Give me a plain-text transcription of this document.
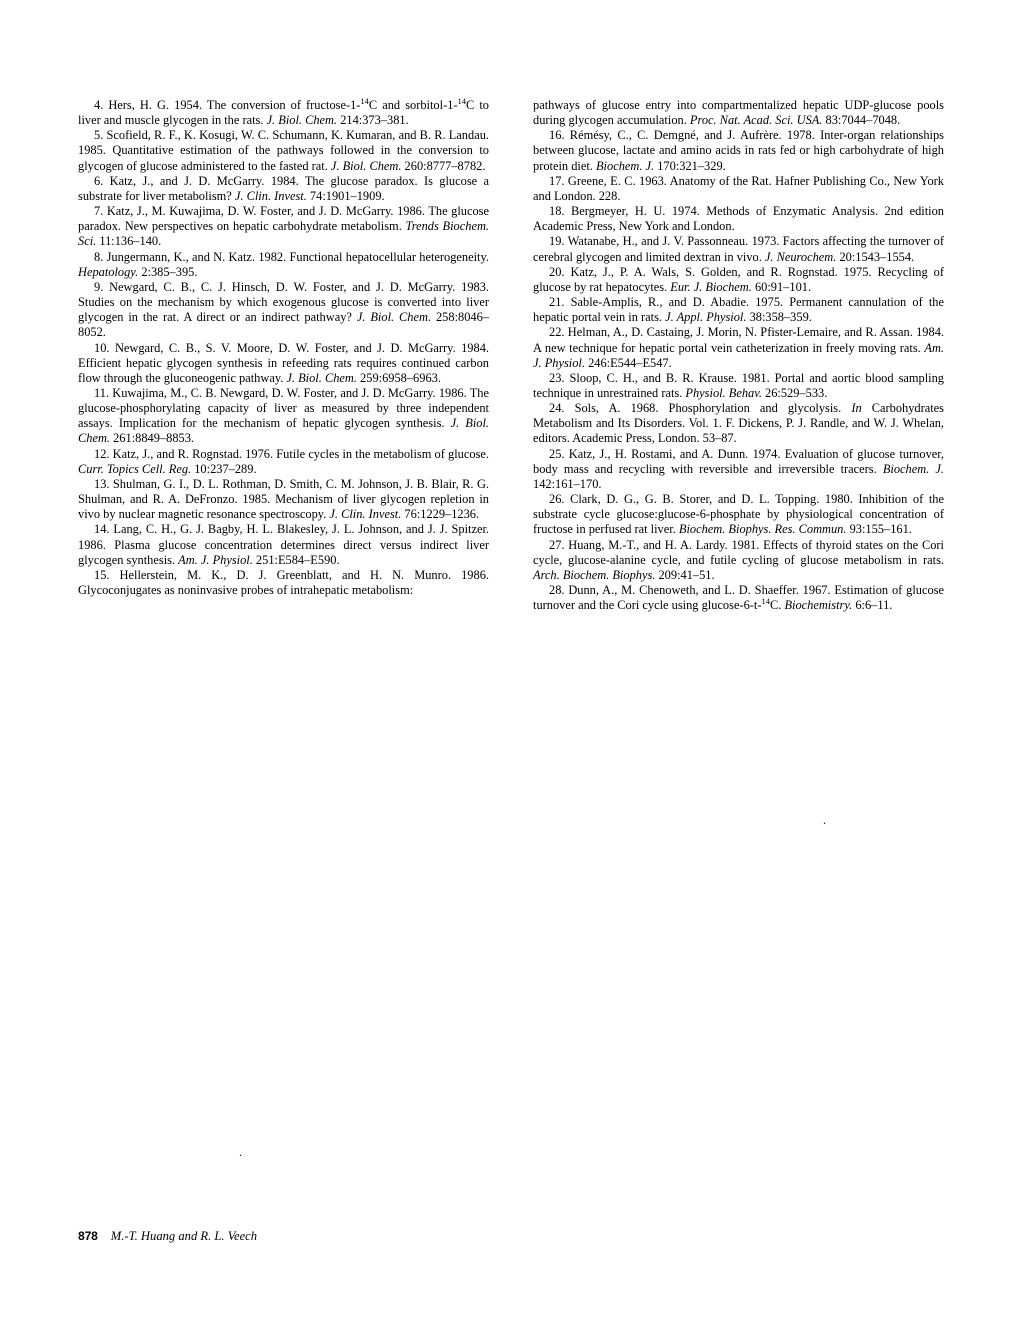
4. Hers, H. G. 1954. The conversion of fructose-1-$^{14}$C and sorbitol-1-$^{14}$C to liver and muscle glycogen in the rats. J. Biol. Chem. 214:373–381.

5. Scofield, R. F., K. Kosugi, W. C. Schumann, K. Kumaran, and B. R. Landau. 1985. Quantitative estimation of the pathways followed in the conversion to glycogen of glucose administered to the fasted rat. J. Biol. Chem. 260:8777–8782.

6. Katz, J., and J. D. McGarry. 1984. The glucose paradox. Is glucose a substrate for liver metabolism? J. Clin. Invest. 74:1901–1909.

7. Katz, J., M. Kuwajima, D. W. Foster, and J. D. McGarry. 1986. The glucose paradox. New perspectives on hepatic carbohydrate metabolism. Trends Biochem. Sci. 11:136–140.

8. Jungermann, K., and N. Katz. 1982. Functional hepatocellular heterogeneity. Hepatology. 2:385–395.

9. Newgard, C. B., C. J. Hinsch, D. W. Foster, and J. D. McGarry. 1983. Studies on the mechanism by which exogenous glucose is converted into liver glycogen in the rat. A direct or an indirect pathway? J. Biol. Chem. 258:8046–8052.

10. Newgard, C. B., S. V. Moore, D. W. Foster, and J. D. McGarry. 1984. Efficient hepatic glycogen synthesis in refeeding rats requires continued carbon flow through the gluconeogenic pathway. J. Biol. Chem. 259:6958–6963.

11. Kuwajima, M., C. B. Newgard, D. W. Foster, and J. D. McGarry. 1986. The glucose-phosphorylating capacity of liver as measured by three independent assays. Implication for the mechanism of hepatic glycogen synthesis. J. Biol. Chem. 261:8849–8853.

12. Katz, J., and R. Rognstad. 1976. Futile cycles in the metabolism of glucose. Curr. Topics Cell. Reg. 10:237–289.

13. Shulman, G. I., D. L. Rothman, D. Smith, C. M. Johnson, J. B. Blair, R. G. Shulman, and R. A. DeFronzo. 1985. Mechanism of liver glycogen repletion in vivo by nuclear magnetic resonance spectroscopy. J. Clin. Invest. 76:1229–1236.

14. Lang, C. H., G. J. Bagby, H. L. Blakesley, J. L. Johnson, and J. J. Spitzer. 1986. Plasma glucose concentration determines direct versus indirect liver glycogen synthesis. Am. J. Physiol. 251:E584–E590.

15. Hellerstein, M. K., D. J. Greenblatt, and H. N. Munro. 1986. Glycoconjugates as noninvasive probes of intrahepatic metabolism:

pathways of glucose entry into compartmentalized hepatic UDP-glucose pools during glycogen accumulation. Proc. Nat. Acad. Sci. USA. 83:7044–7048.

16. Rémésy, C., C. Demgné, and J. Aufrère. 1978. Inter-organ relationships between glucose, lactate and amino acids in rats fed or high carbohydrate of high protein diet. Biochem. J. 170:321–329.

17. Greene, E. C. 1963. Anatomy of the Rat. Hafner Publishing Co., New York and London. 228.

18. Bergmeyer, H. U. 1974. Methods of Enzymatic Analysis. 2nd edition Academic Press, New York and London.

19. Watanabe, H., and J. V. Passonneau. 1973. Factors affecting the turnover of cerebral glycogen and limited dextran in vivo. J. Neurochem. 20:1543–1554.

20. Katz, J., P. A. Wals, S. Golden, and R. Rognstad. 1975. Recycling of glucose by rat hepatocytes. Eur. J. Biochem. 60:91–101.

21. Sable-Amplis, R., and D. Abadie. 1975. Permanent cannulation of the hepatic portal vein in rats. J. Appl. Physiol. 38:358–359.

22. Helman, A., D. Castaing, J. Morin, N. Pfister-Lemaire, and R. Assan. 1984. A new technique for hepatic portal vein catheterization in freely moving rats. Am. J. Physiol. 246:E544–E547.

23. Sloop, C. H., and B. R. Krause. 1981. Portal and aortic blood sampling technique in unrestrained rats. Physiol. Behav. 26:529–533.

24. Sols, A. 1968. Phosphorylation and glycolysis. In Carbohydrates Metabolism and Its Disorders. Vol. 1. F. Dickens, P. J. Randle, and W. J. Whelan, editors. Academic Press, London. 53–87.

25. Katz, J., H. Rostami, and A. Dunn. 1974. Evaluation of glucose turnover, body mass and recycling with reversible and irreversible tracers. Biochem. J. 142:161–170.

26. Clark, D. G., G. B. Storer, and D. L. Topping. 1980. Inhibition of the substrate cycle glucose:glucose-6-phosphate by physiological concentration of fructose in perfused rat liver. Biochem. Biophys. Res. Commun. 93:155–161.

27. Huang, M.-T., and H. A. Lardy. 1981. Effects of thyroid states on the Cori cycle, glucose-alanine cycle, and futile cycling of glucose metabolism in rats. Arch. Biochem. Biophys. 209:41–51.

28. Dunn, A., M. Chenoweth, and L. D. Shaeffer. 1967. Estimation of glucose turnover and the Cori cycle using glucose-6-t-$^{14}$C. Biochemistry. 6:6–11.

.
.
878 M.-T. Huang and R. L. Veech
